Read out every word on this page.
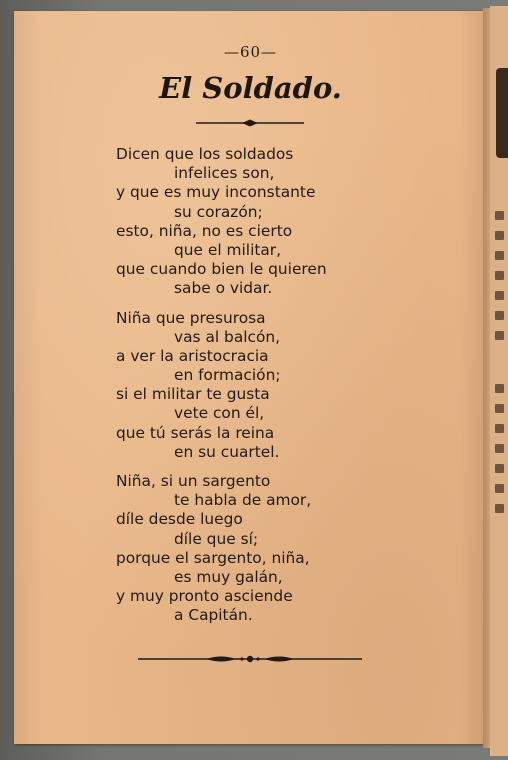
—60—
El Soldado.
Dicen que los soldados
infelices son,
y que es muy inconstante
su corazón;
esto, niña, no es cierto
que el militar,
que cuando bien le quieren
sabe o vidar.
Niña que presurosa
vas al balcón,
a ver la aristocracia
en formación;
si el militar te gusta
vete con él,
que tú serás la reina
en su cuartel.
Niña, si un sargento
te habla de amor,
díle desde luego
díle que sí;
porque el sargento, niña,
es muy galán,
y muy pronto asciende
a Capitán.
